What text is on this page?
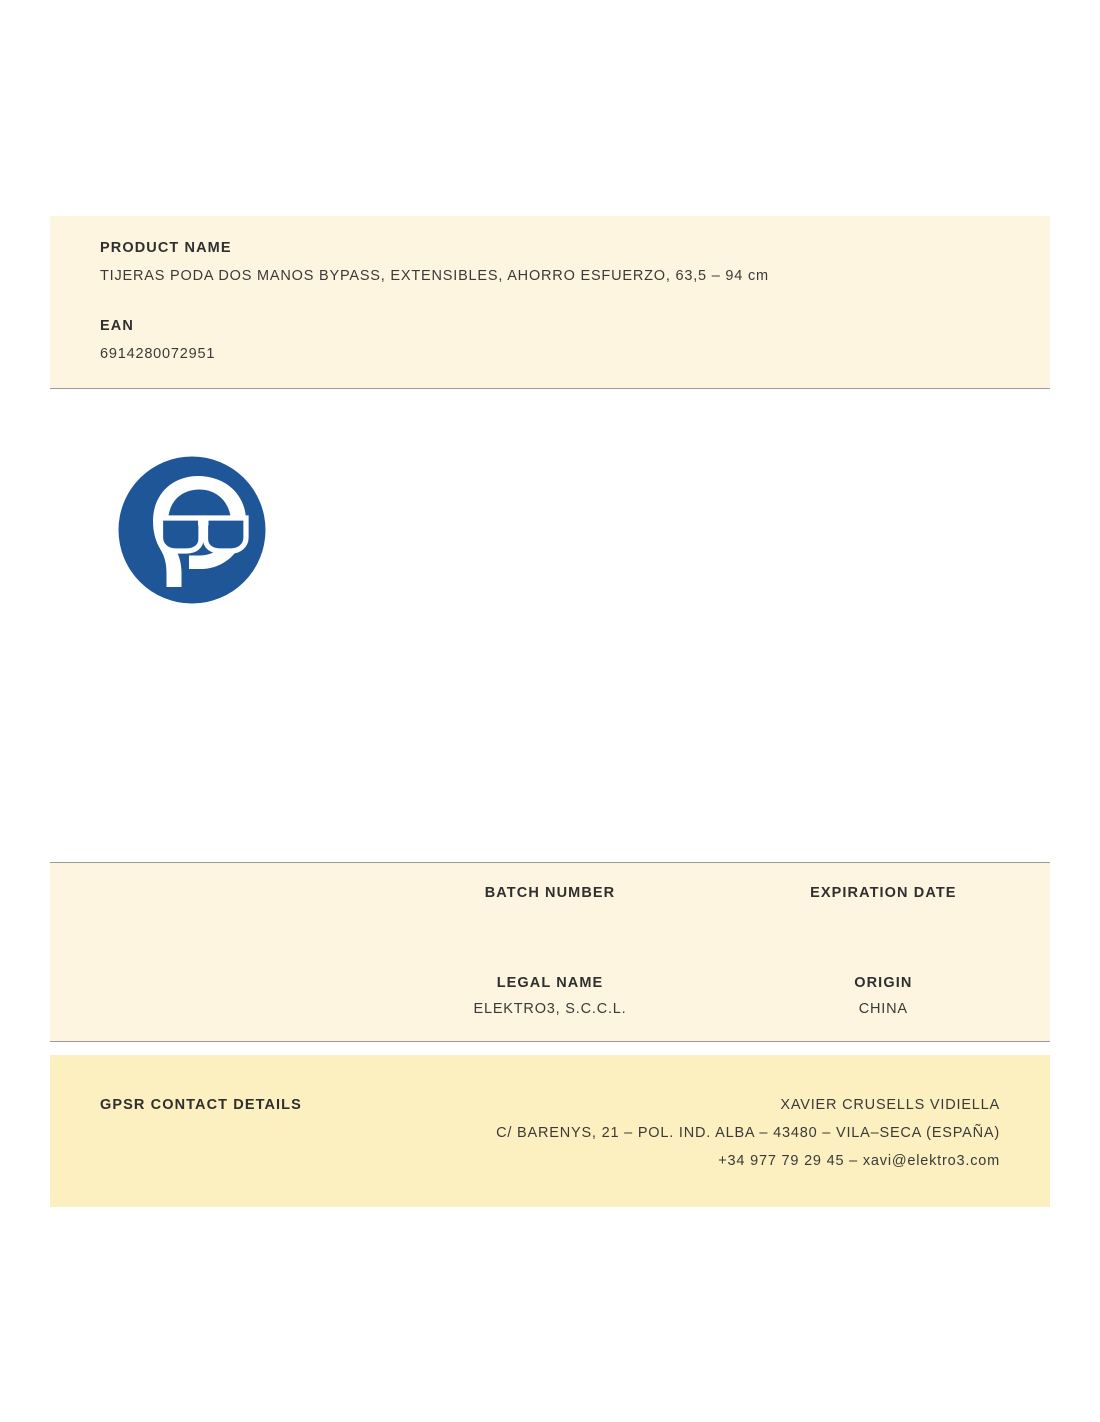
PRODUCT NAME

TIJERAS PODA DOS MANOS BYPASS, EXTENSIBLES, AHORRO ESFUERZO, 63,5 – 94 cm

EAN

6914280072951

BATCH NUMBER	EXPIRATION DATE

LEGAL NAME

ELEKTRO3, S.C.C.L.

ORIGIN

CHINA

GPSR CONTACT DETAILS	XAVIER CRUSELLS VIDIELLA
C/ BARENYS, 21 – POL. IND. ALBA – 43480 – VILA–SECA (ESPAÑA)
+34 977 79 29 45 – xavi@elektro3.com
